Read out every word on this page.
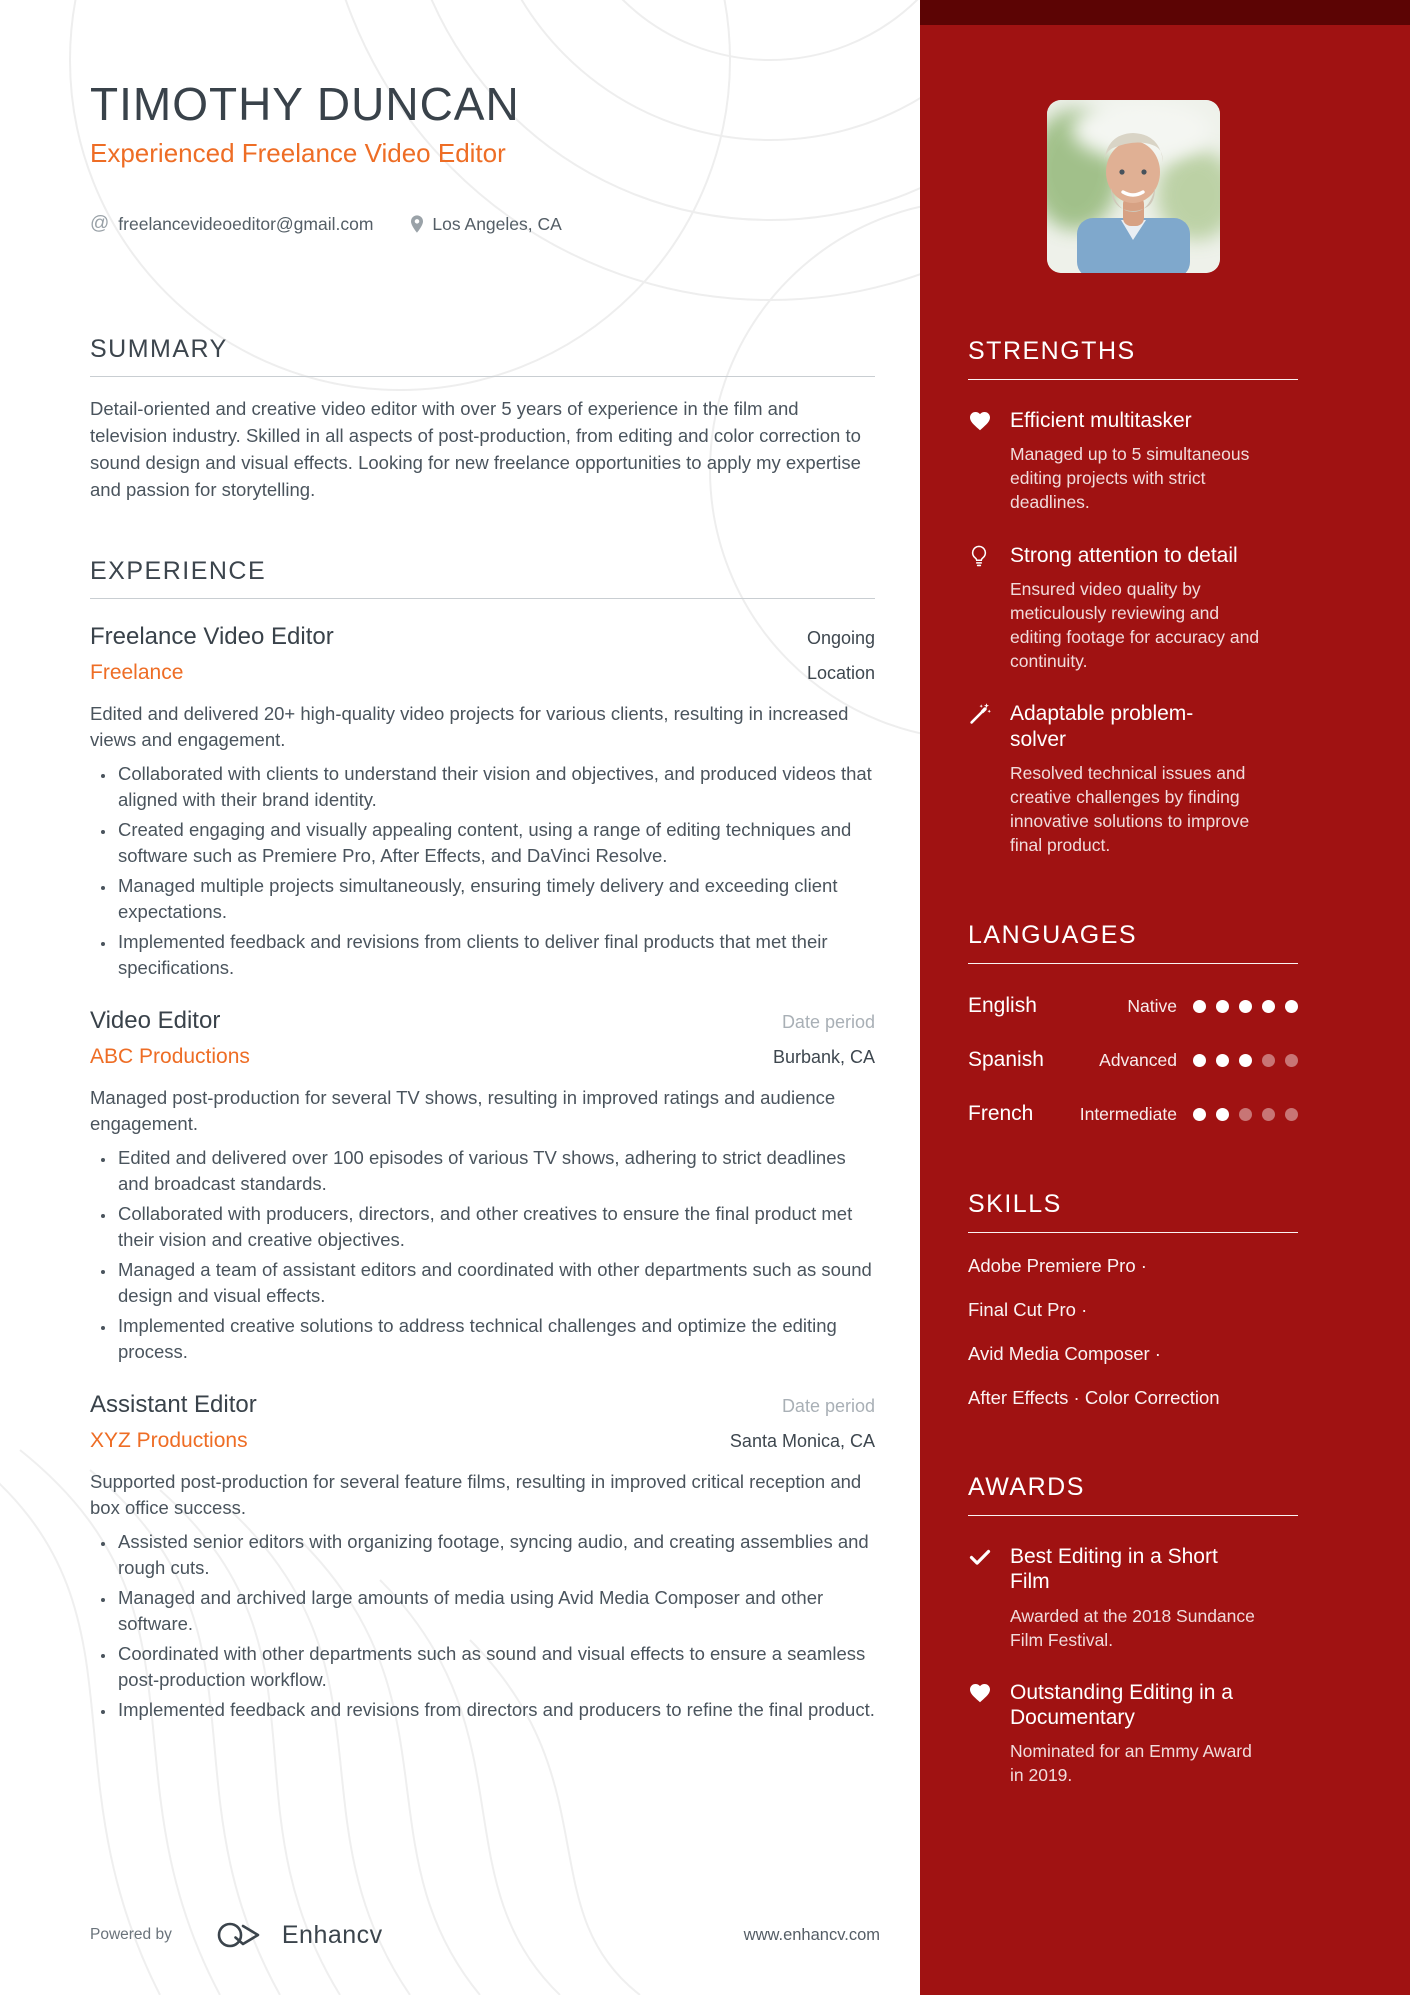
TIMOTHY DUNCAN
Experienced Freelance Video Editor
@ freelancevideoeditor@gmail.com	Los Angeles, CA
SUMMARY
Detail-oriented and creative video editor with over 5 years of experience in the film and television industry. Skilled in all aspects of post-production, from editing and color correction to sound design and visual effects. Looking for new freelance opportunities to apply my expertise and passion for storytelling.
EXPERIENCE
Freelance Video Editor	Ongoing
Freelance	Location
Edited and delivered 20+ high-quality video projects for various clients, resulting in increased views and engagement.
• Collaborated with clients to understand their vision and objectives, and produced videos that aligned with their brand identity.
• Created engaging and visually appealing content, using a range of editing techniques and software such as Premiere Pro, After Effects, and DaVinci Resolve.
• Managed multiple projects simultaneously, ensuring timely delivery and exceeding client expectations.
• Implemented feedback and revisions from clients to deliver final products that met their specifications.
Video Editor	Date period
ABC Productions	Burbank, CA
Managed post-production for several TV shows, resulting in improved ratings and audience engagement.
• Edited and delivered over 100 episodes of various TV shows, adhering to strict deadlines and broadcast standards.
• Collaborated with producers, directors, and other creatives to ensure the final product met their vision and creative objectives.
• Managed a team of assistant editors and coordinated with other departments such as sound design and visual effects.
• Implemented creative solutions to address technical challenges and optimize the editing process.
Assistant Editor	Date period
XYZ Productions	Santa Monica, CA
Supported post-production for several feature films, resulting in improved critical reception and box office success.
• Assisted senior editors with organizing footage, syncing audio, and creating assemblies and rough cuts.
• Managed and archived large amounts of media using Avid Media Composer and other software.
• Coordinated with other departments such as sound and visual effects to ensure a seamless post-production workflow.
• Implemented feedback and revisions from directors and producers to refine the final product.
Powered by	Enhancv	www.enhancv.com
STRENGTHS
Efficient multitasker
Managed up to 5 simultaneous editing projects with strict deadlines.
Strong attention to detail
Ensured video quality by meticulously reviewing and editing footage for accuracy and continuity.
Adaptable problem-solver
Resolved technical issues and creative challenges by finding innovative solutions to improve final product.
LANGUAGES
English	Native
Spanish	Advanced
French	Intermediate
SKILLS
Adobe Premiere Pro ·
Final Cut Pro ·
Avid Media Composer ·
After Effects · Color Correction
AWARDS
Best Editing in a Short Film
Awarded at the 2018 Sundance Film Festival.
Outstanding Editing in a Documentary
Nominated for an Emmy Award in 2019.
